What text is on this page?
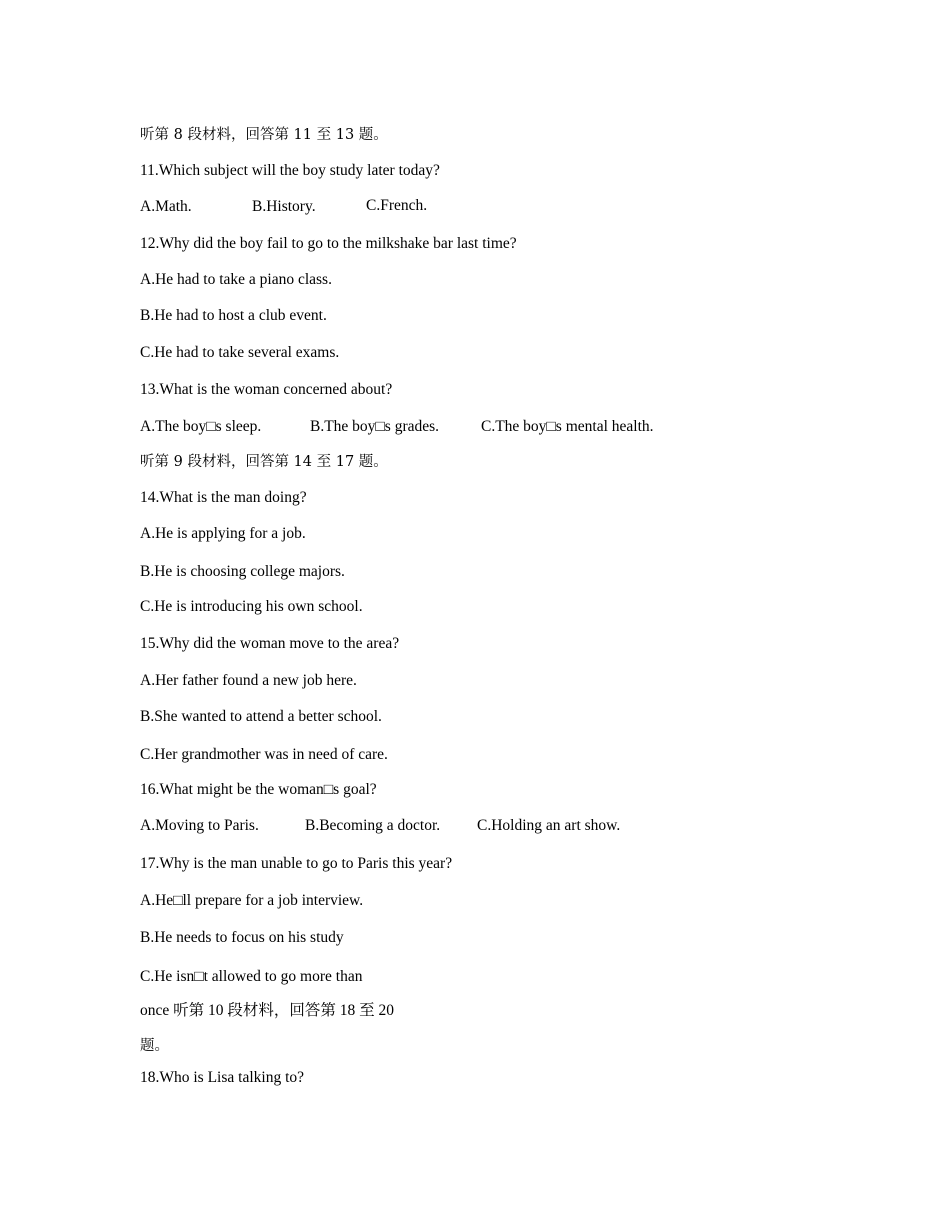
听第 8 段材料，回答第 11 至 13 题。
11.Which subject will the boy study later today?
A.Math.	B.History.	C.French.
12.Why did the boy fail to go to the milkshake bar last time?
A.He had to take a piano class.
B.He had to host a club event.
C.He had to take several exams.
13.What is the woman concerned about?
A.The boy□s sleep.	B.The boy□s grades.	C.The boy□s mental health.
听第 9 段材料，回答第 14 至 17 题。
14.What is the man doing?
A.He is applying for a job.
B.He is choosing college majors.
C.He is introducing his own school.
15.Why did the woman move to the area?
A.Her father found a new job here.
B.She wanted to attend a better school.
C.Her grandmother was in need of care.
16.What might be the woman□s goal?
A.Moving to Paris.	B.Becoming a doctor. C.Holding an art show.
17.Why is the man unable to go to Paris this year?
A.He□ll prepare for a job interview.
B.He needs to focus on his study
C.He isn□t allowed to go more than
once 听第 10 段材料，回答第 18 至 20
题。
18.Who is Lisa talking to?
